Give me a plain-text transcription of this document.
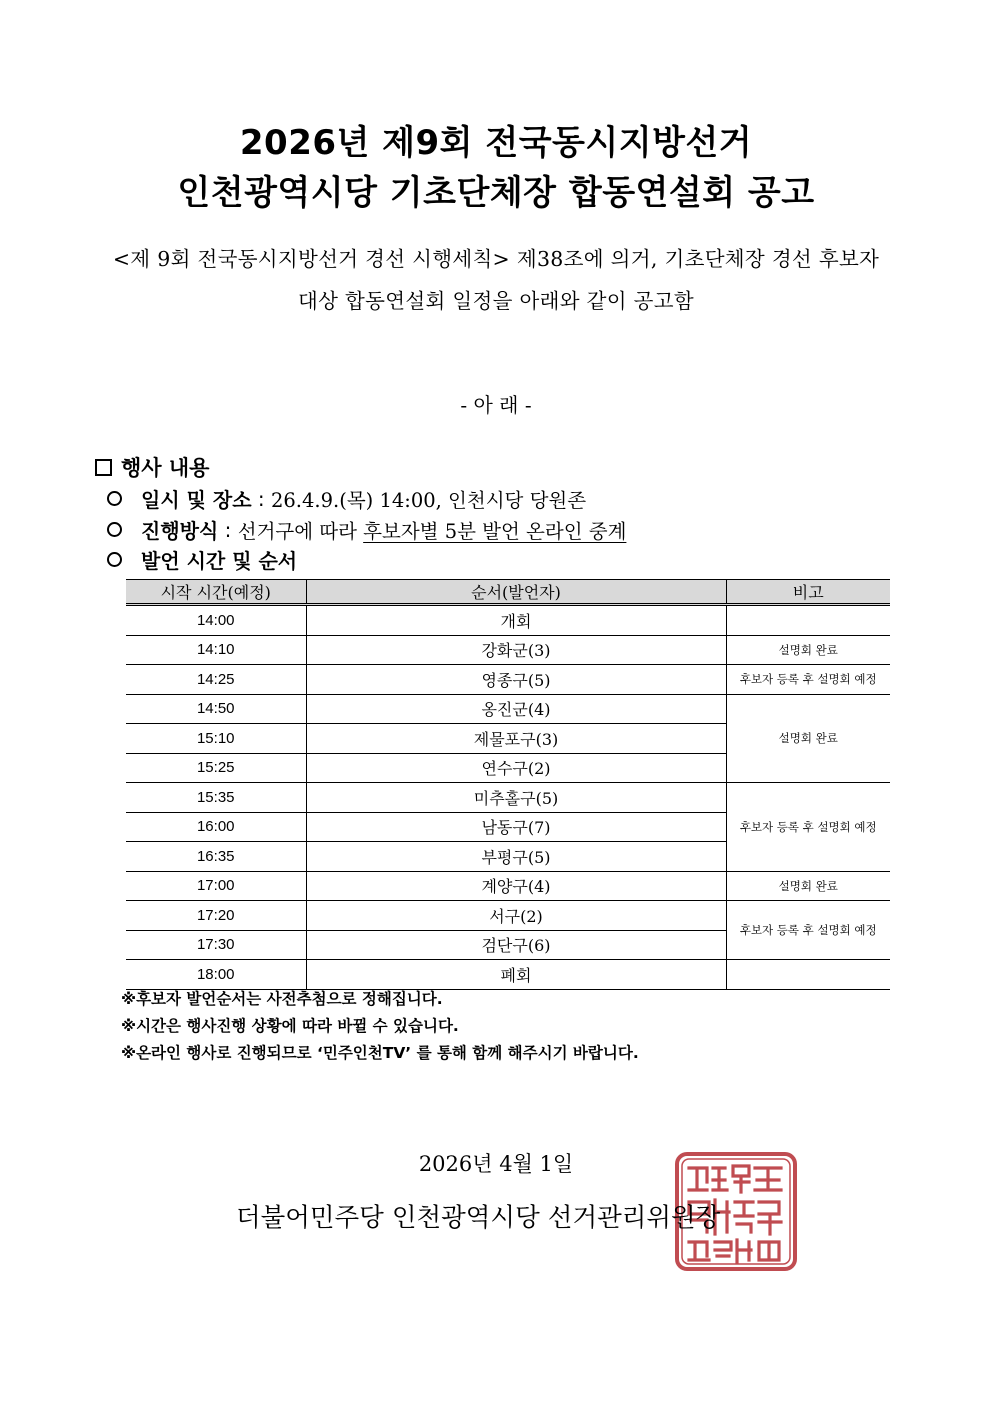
2026년 제9회 전국동시지방선거
인천광역시당 기초단체장 합동연설회 공고
<제 9회 전국동시지방선거 경선 시행세칙> 제38조에 의거, 기초단체장 경선 후보자
대상 합동연설회 일정을 아래와 같이 공고함
- 아 래 -
행사 내용
일시 및 장소 : 26.4.9.(목) 14:00, 인천시당 당원존
진행방식 : 선거구에 따라 후보자별 5분 발언 온라인 중계
발언 시간 및 순서
시작 시간(예정)	순서(발언자)	비고
14:00	개회	
14:10	강화군(3)	설명회 완료
14:25	영종구(5)	후보자 등록 후 설명회 예정
14:50	옹진군(4)	설명회 완료
15:10	제물포구(3)	
15:25	연수구(2)	
15:35	미추홀구(5)	후보자 등록 후 설명회 예정
16:00	남동구(7)	
16:35	부평구(5)	
17:00	계양구(4)	설명회 완료
17:20	서구(2)	후보자 등록 후 설명회 예정
17:30	검단구(6)	
18:00	폐회	
※후보자 발언순서는 사전추첨으로 정해집니다.
※시간은 행사진행 상황에 따라 바뀔 수 있습니다.
※온라인 행사로 진행되므로 ‘민주인천TV’ 를 통해 함께 해주시기 바랍니다.
2026년 4월 1일
더불어민주당 인천광역시당 선거관리위원장
